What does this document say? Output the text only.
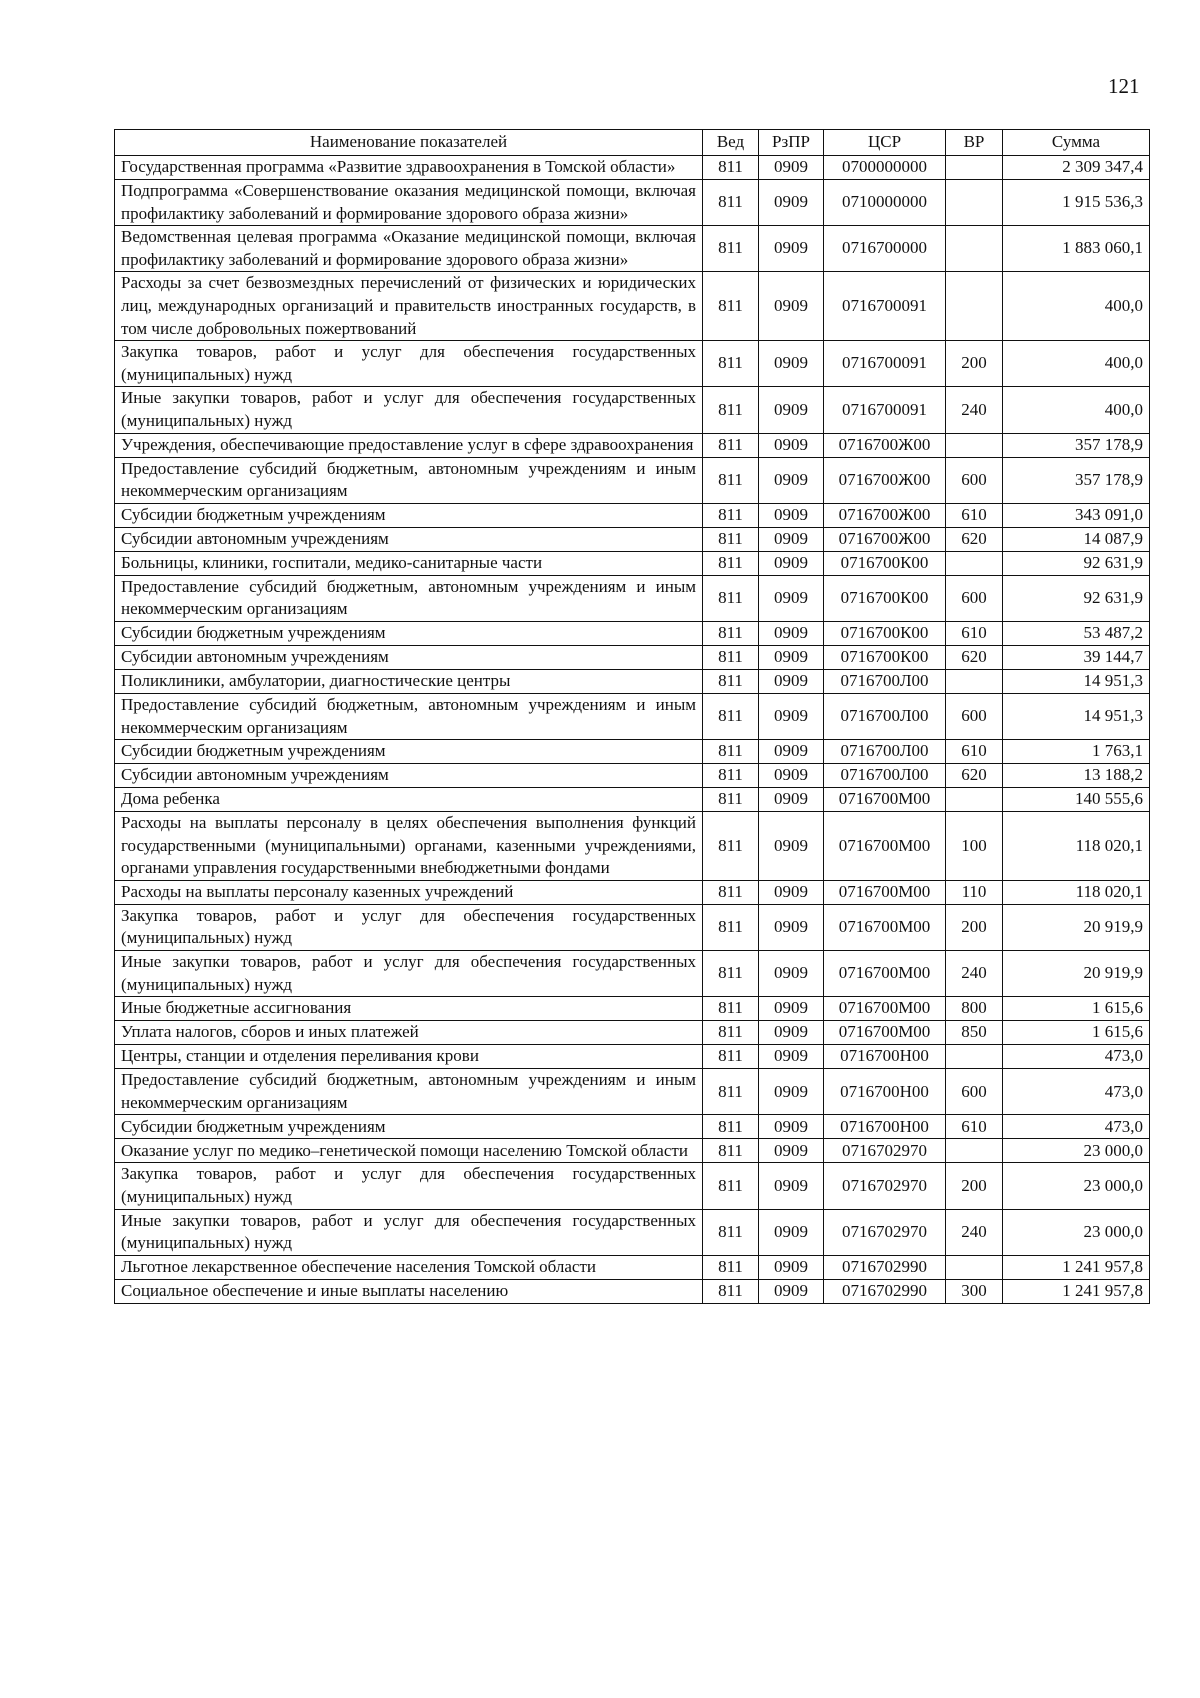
121
Наименование показателей	Вед	РзПР	ЦСР	ВР	Сумма
Государственная программа «Развитие здравоохранения в Томской области»	811	0909	0700000000		2 309 347,4
Подпрограмма «Совершенствование оказания медицинской помощи, включая профилактику заболеваний и формирование здорового образа жизни»	811	0909	0710000000		1 915 536,3
Ведомственная целевая программа «Оказание медицинской помощи, включая профилактику заболеваний и формирование здорового образа жизни»	811	0909	0716700000		1 883 060,1
Расходы за счет безвозмездных перечислений от физических и юридических лиц, международных организаций и правительств иностранных государств, в том числе добровольных пожертвований	811	0909	0716700091		400,0
Закупка товаров, работ и услуг для обеспечения государственных (муниципальных) нужд	811	0909	0716700091	200	400,0
Иные закупки товаров, работ и услуг для обеспечения государственных (муниципальных) нужд	811	0909	0716700091	240	400,0
Учреждения, обеспечивающие предоставление услуг в сфере здравоохранения	811	0909	0716700Ж00		357 178,9
Предоставление субсидий бюджетным, автономным учреждениям и иным некоммерческим организациям	811	0909	0716700Ж00	600	357 178,9
Субсидии бюджетным учреждениям	811	0909	0716700Ж00	610	343 091,0
Субсидии автономным учреждениям	811	0909	0716700Ж00	620	14 087,9
Больницы, клиники, госпитали, медико-санитарные части	811	0909	0716700К00		92 631,9
Предоставление субсидий бюджетным, автономным учреждениям и иным некоммерческим организациям	811	0909	0716700К00	600	92 631,9
Субсидии бюджетным учреждениям	811	0909	0716700К00	610	53 487,2
Субсидии автономным учреждениям	811	0909	0716700К00	620	39 144,7
Поликлиники, амбулатории, диагностические центры	811	0909	0716700Л00		14 951,3
Предоставление субсидий бюджетным, автономным учреждениям и иным некоммерческим организациям	811	0909	0716700Л00	600	14 951,3
Субсидии бюджетным учреждениям	811	0909	0716700Л00	610	1 763,1
Субсидии автономным учреждениям	811	0909	0716700Л00	620	13 188,2
Дома ребенка	811	0909	0716700М00		140 555,6
Расходы на выплаты персоналу в целях обеспечения выполнения функций государственными (муниципальными) органами, казенными учреждениями, органами управления государственными внебюджетными фондами	811	0909	0716700М00	100	118 020,1
Расходы на выплаты персоналу казенных учреждений	811	0909	0716700М00	110	118 020,1
Закупка товаров, работ и услуг для обеспечения государственных (муниципальных) нужд	811	0909	0716700М00	200	20 919,9
Иные закупки товаров, работ и услуг для обеспечения государственных (муниципальных) нужд	811	0909	0716700М00	240	20 919,9
Иные бюджетные ассигнования	811	0909	0716700М00	800	1 615,6
Уплата налогов, сборов и иных платежей	811	0909	0716700М00	850	1 615,6
Центры, станции и отделения переливания крови	811	0909	0716700Н00		473,0
Предоставление субсидий бюджетным, автономным учреждениям и иным некоммерческим организациям	811	0909	0716700Н00	600	473,0
Субсидии бюджетным учреждениям	811	0909	0716700Н00	610	473,0
Оказание услуг по медико–генетической помощи населению Томской области	811	0909	0716702970		23 000,0
Закупка товаров, работ и услуг для обеспечения государственных (муниципальных) нужд	811	0909	0716702970	200	23 000,0
Иные закупки товаров, работ и услуг для обеспечения государственных (муниципальных) нужд	811	0909	0716702970	240	23 000,0
Льготное лекарственное обеспечение населения Томской области	811	0909	0716702990		1 241 957,8
Социальное обеспечение и иные выплаты населению	811	0909	0716702990	300	1 241 957,8
